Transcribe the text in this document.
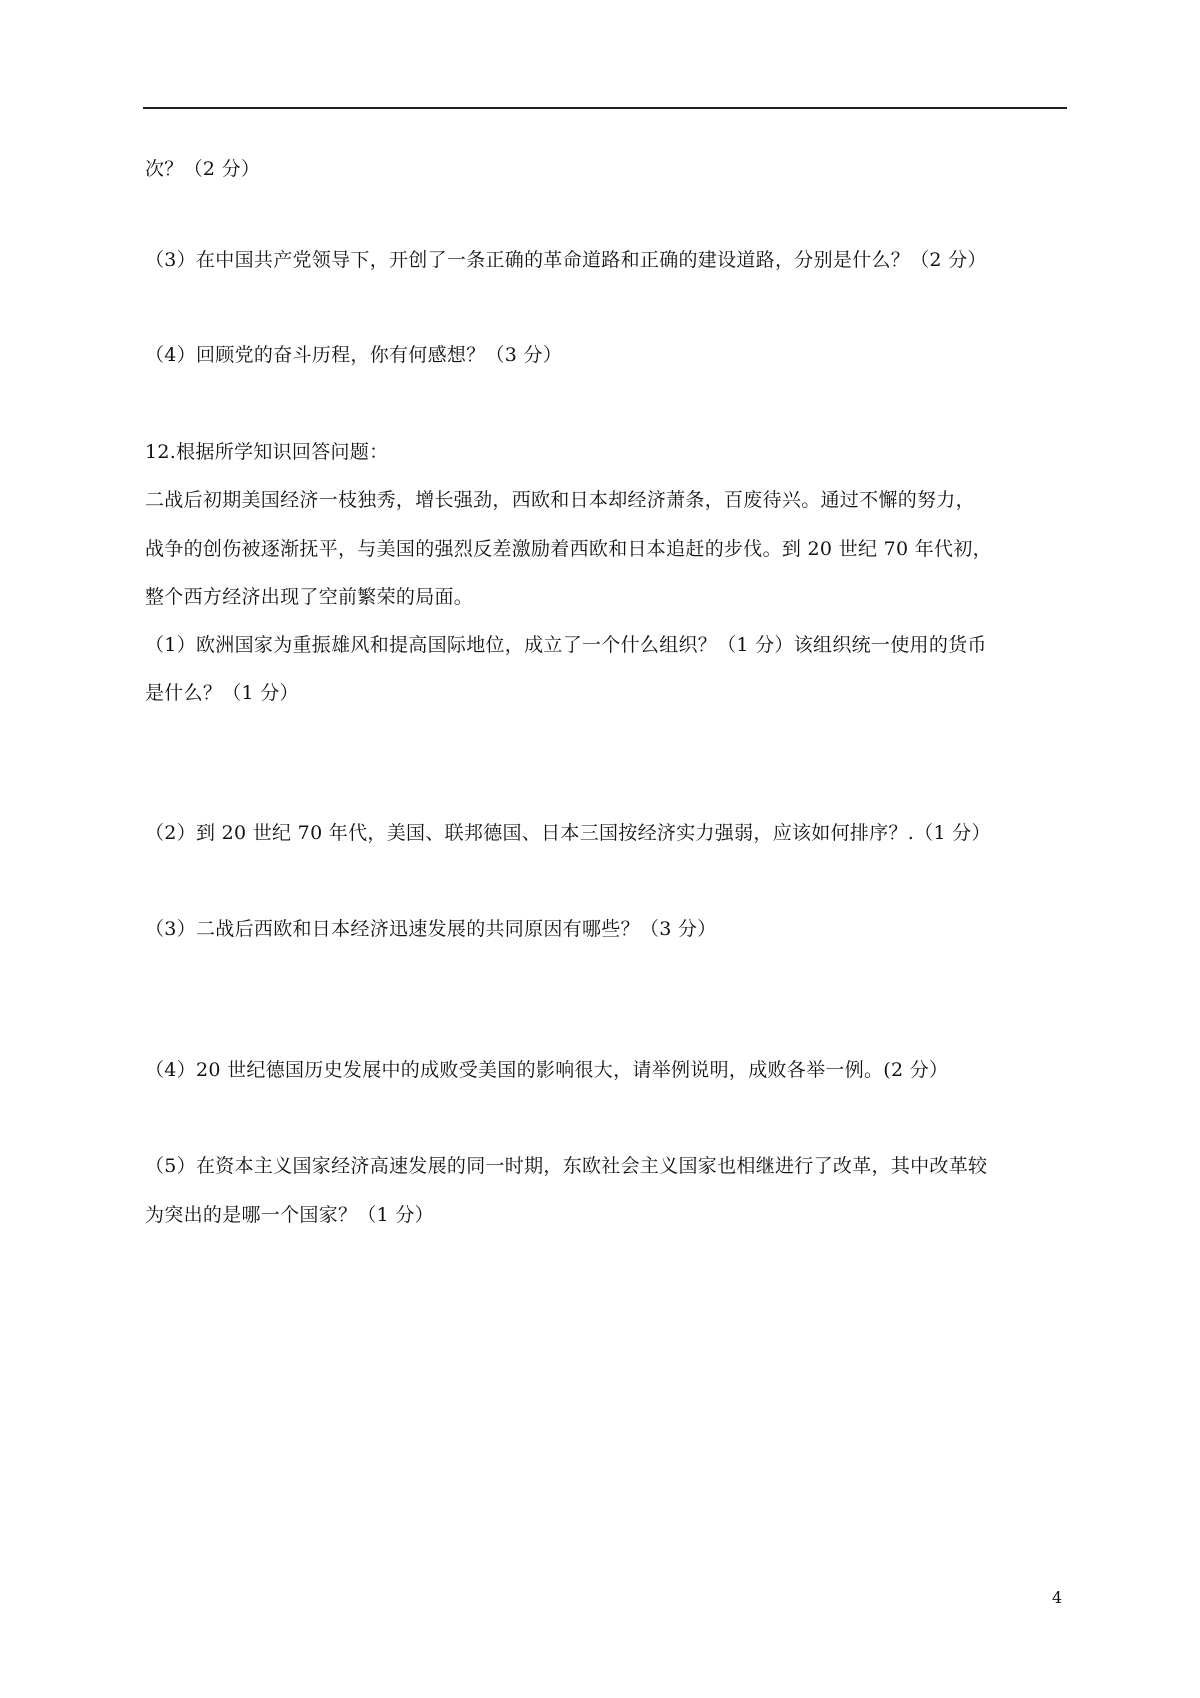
次？（2 分）
（3）在中国共产党领导下，开创了一条正确的革命道路和正确的建设道路，分别是什么？（2 分）
（4）回顾党的奋斗历程，你有何感想？（3 分）
12.根据所学知识回答问题：
二战后初期美国经济一枝独秀，增长强劲，西欧和日本却经济萧条，百废待兴。通过不懈的努力，
战争的创伤被逐渐抚平，与美国的强烈反差激励着西欧和日本追赶的步伐。到 20 世纪 70 年代初，
整个西方经济出现了空前繁荣的局面。
（1）欧洲国家为重振雄风和提高国际地位，成立了一个什么组织？（1 分）该组织统一使用的货币
是什么？（1 分）
（2）到 20 世纪 70 年代，美国、联邦德国、日本三国按经济实力强弱，应该如何排序？.（1 分）
（3）二战后西欧和日本经济迅速发展的共同原因有哪些？（3 分）
（4）20 世纪德国历史发展中的成败受美国的影响很大，请举例说明，成败各举一例。(2 分）
（5）在资本主义国家经济高速发展的同一时期，东欧社会主义国家也相继进行了改革，其中改革较
为突出的是哪一个国家？（1 分）
4
